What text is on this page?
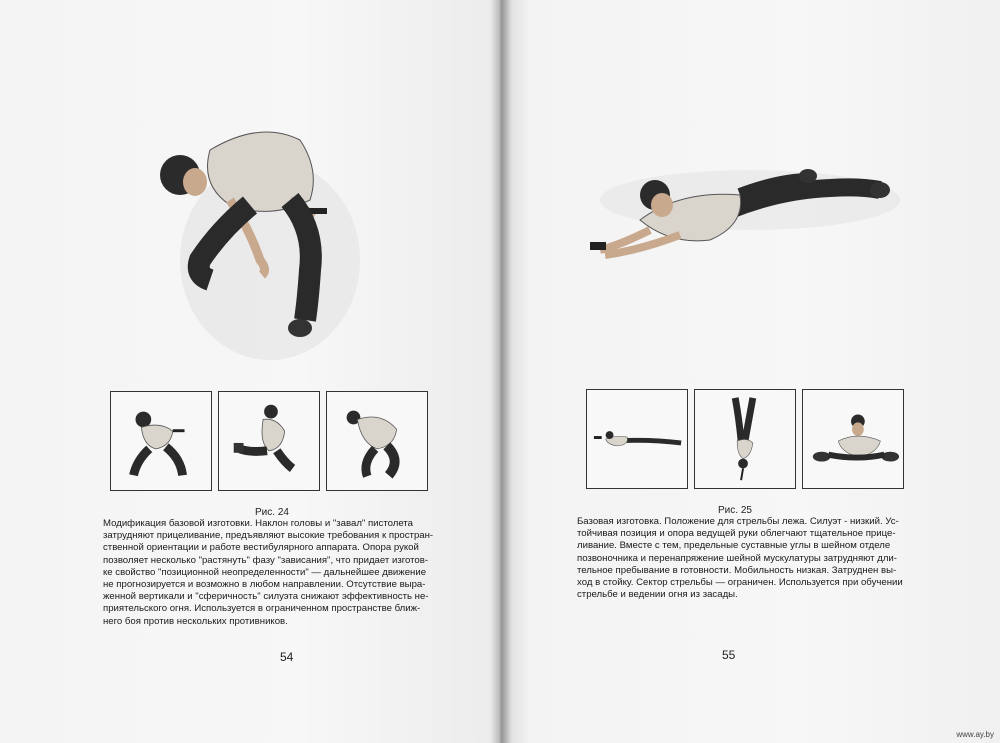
Рис. 24
Модификация базовой изготовки. Наклон головы и "завал" пистолета
затрудняют прицеливание, предъявляют высокие требования к простран-
ственной ориентации и работе вестибулярного аппарата. Опора рукой
позволяет несколько "растянуть" фазу "зависания", что придает изготов-
ке свойство "позиционной неопределенности" — дальнейшее движение
не прогнозируется и возможно в любом направлении. Отсутствие выра-
женной вертикали и "сферичность" силуэта снижают эффективность не-
приятельского огня. Используется в ограниченном пространстве ближ-
него боя против нескольких противников.
54
Рис. 25
Базовая изготовка. Положение для стрельбы лежа. Силуэт - низкий. Ус-
тойчивая позиция и опора ведущей руки облегчают тщательное прице-
ливание. Вместе с тем, предельные суставные углы в шейном отделе
позвоночника и перенапряжение шейной мускулатуры затрудняют дли-
тельное пребывание в готовности. Мобильность низкая. Затруднен вы-
ход в стойку. Сектор стрельбы — ограничен. Используется при обучении
стрельбе и ведении огня из засады.
55
www.ay.by
